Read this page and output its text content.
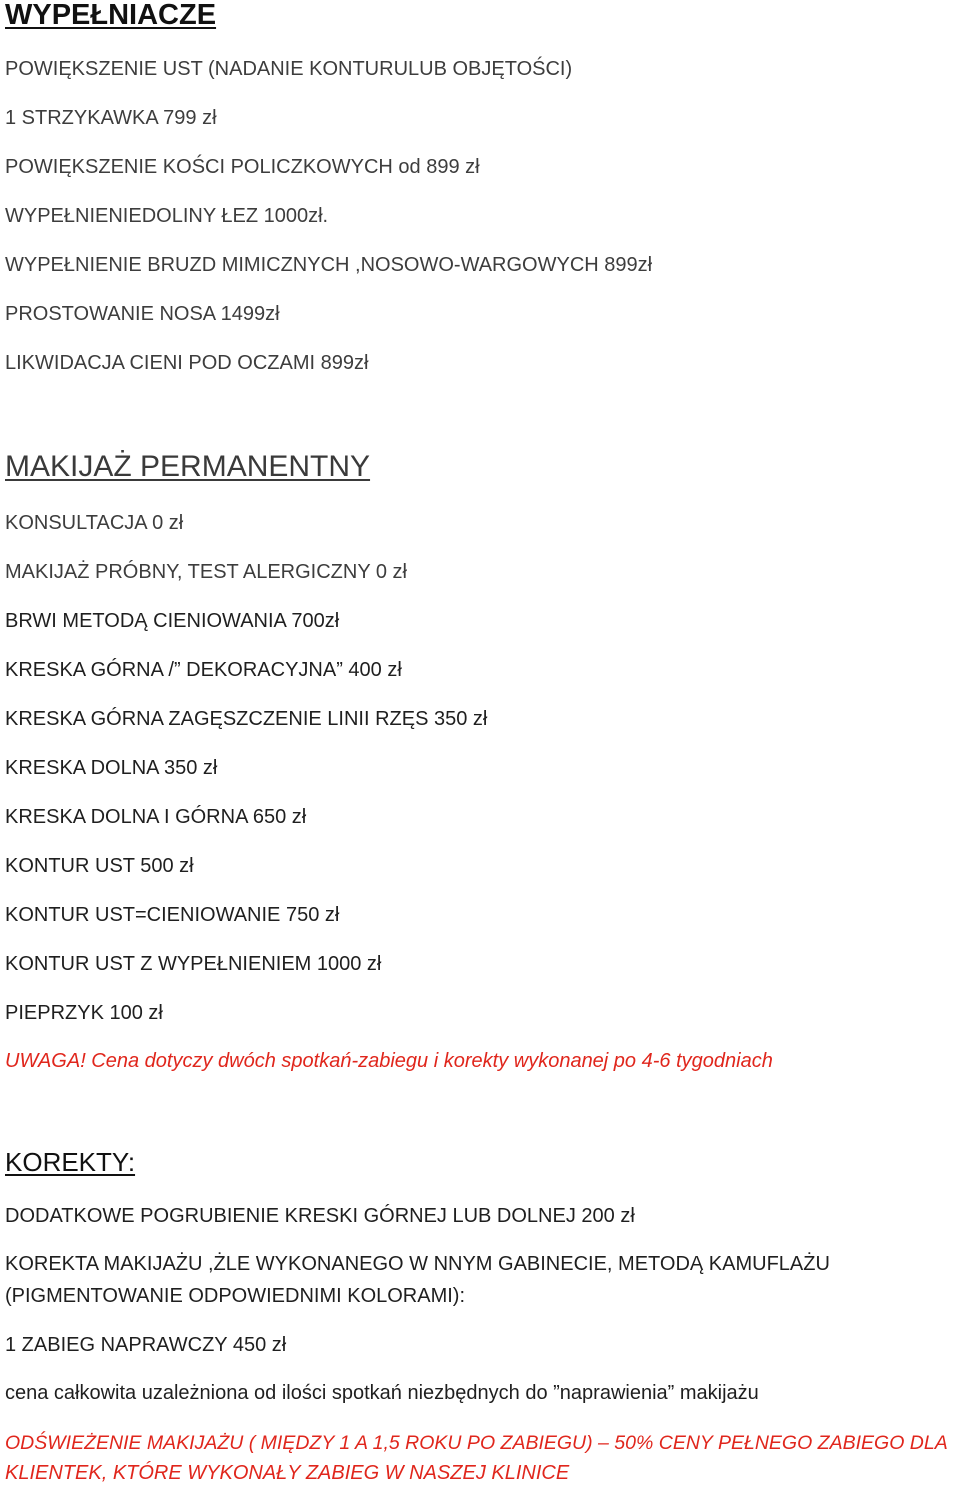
WYPEŁNIACZE

POWIĘKSZENIE UST (NADANIE KONTURULUB OBJĘTOŚCI)

1 STRZYKAWKA 799 zł

POWIĘKSZENIE KOŚCI POLICZKOWYCH od 899 zł

WYPEŁNIENIEDOLINY ŁEZ 1000zł.

WYPEŁNIENIE BRUZD MIMICZNYCH ,NOSOWO-WARGOWYCH 899zł

PROSTOWANIE NOSA 1499zł

LIKWIDACJA CIENI POD OCZAMI 899zł

MAKIJAŻ PERMANENTNY

KONSULTACJA 0 zł

MAKIJAŻ PRÓBNY, TEST ALERGICZNY 0 zł

BRWI METODĄ CIENIOWANIA 700zł

KRESKA GÓRNA /” DEKORACYJNA” 400 zł

KRESKA GÓRNA ZAGĘSZCZENIE LINII RZĘS 350 zł

KRESKA DOLNA 350 zł

KRESKA DOLNA I GÓRNA 650 zł

KONTUR UST 500 zł

KONTUR UST=CIENIOWANIE 750 zł

KONTUR UST Z WYPEŁNIENIEM 1000 zł

PIEPRZYK 100 zł

UWAGA! Cena dotyczy dwóch spotkań-zabiegu i korekty wykonanej po 4-6 tygodniach

KOREKTY:

DODATKOWE POGRUBIENIE KRESKI GÓRNEJ LUB DOLNEJ 200 zł

KOREKTA MAKIJAŻU ,ŻLE WYKONANEGO W NNYM GABINECIE, METODĄ KAMUFLAŻU

(PIGMENTOWANIE ODPOWIEDNIMI KOLORAMI):

1 ZABIEG NAPRAWCZY 450 zł

cena całkowita uzależniona od ilości spotkań niezbędnych do ”naprawienia” makijażu

ODŚWIEŻENIE MAKIJAŻU ( MIĘDZY 1 A 1,5 ROKU PO ZABIEGU) – 50% CENY PEŁNEGO ZABIEGO DLA

KLIENTEK, KTÓRE WYKONAŁY ZABIEG W NASZEJ KLINICE
